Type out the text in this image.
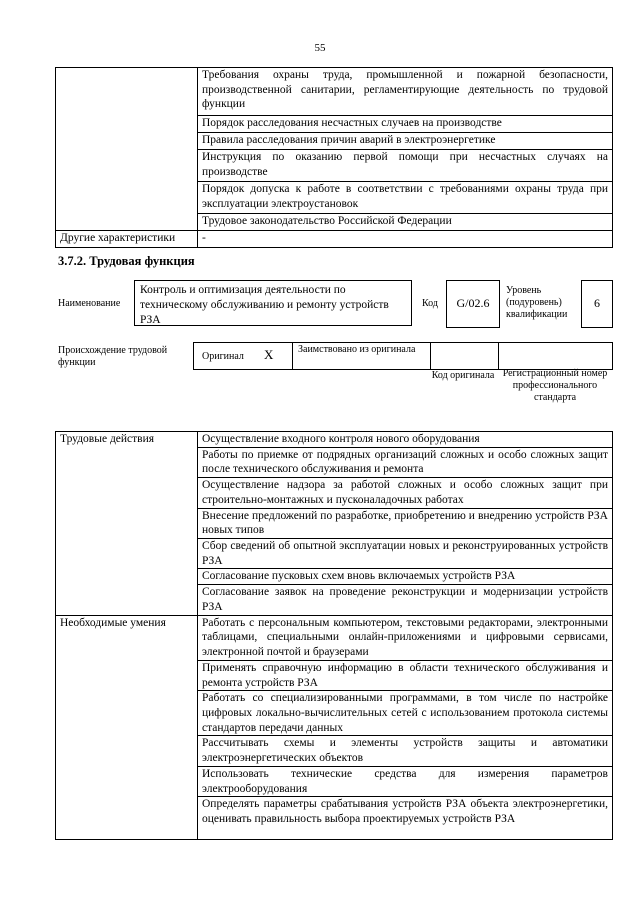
55
	Требования охраны труда, промышленной и пожарной безопасности, производственной санитарии, регламентирующие деятельность по трудовой функции
	Порядок расследования несчастных случаев на производстве
	Правила расследования причин аварий в электроэнергетике
	Инструкция по оказанию первой помощи при несчастных случаях на производстве
	Порядок допуска к работе в соответствии с требованиями охраны труда при эксплуатации электроустановок
	Трудовое законодательство Российской Федерации
Другие характеристики	-
3.7.2. Трудовая функция
Наименование
Контроль и оптимизация деятельности по техническому обслуживанию и ремонту устройств РЗА
Код	G/02.6
Уровень (подуровень) квалификации
6
Происхождение трудовой функции
Оригинал X Заимствовано из оригинала
Код оригинала Регистрационный номер профессионального стандарта
Трудовые действия	Осуществление входного контроля нового оборудования
	Работы по приемке от подрядных организаций сложных и особо сложных защит после технического обслуживания и ремонта
	Осуществление надзора за работой сложных и особо сложных защит при строительно-монтажных и пусконаладочных работах
	Внесение предложений по разработке, приобретению и внедрению устройств РЗА новых типов
	Сбор сведений об опытной эксплуатации новых и реконструированных устройств РЗА
	Согласование пусковых схем вновь включаемых устройств РЗА
	Согласование заявок на проведение реконструкции и модернизации устройств РЗА
Необходимые умения	Работать с персональным компьютером, текстовыми редакторами, электронными таблицами, специальными онлайн-приложениями и цифровыми сервисами, электронной почтой и браузерами
	Применять справочную информацию в области технического обслуживания и ремонта устройств РЗА
	Работать со специализированными программами, в том числе по настройке цифровых локально-вычислительных сетей с использованием протокола системы стандартов передачи данных
	Рассчитывать схемы и элементы устройств защиты и автоматики электроэнергетических объектов
	Использовать технические средства для измерения параметров электрооборудования
	Определять параметры срабатывания устройств РЗА объекта электроэнергетики, оценивать правильность выбора проектируемых устройств РЗА
